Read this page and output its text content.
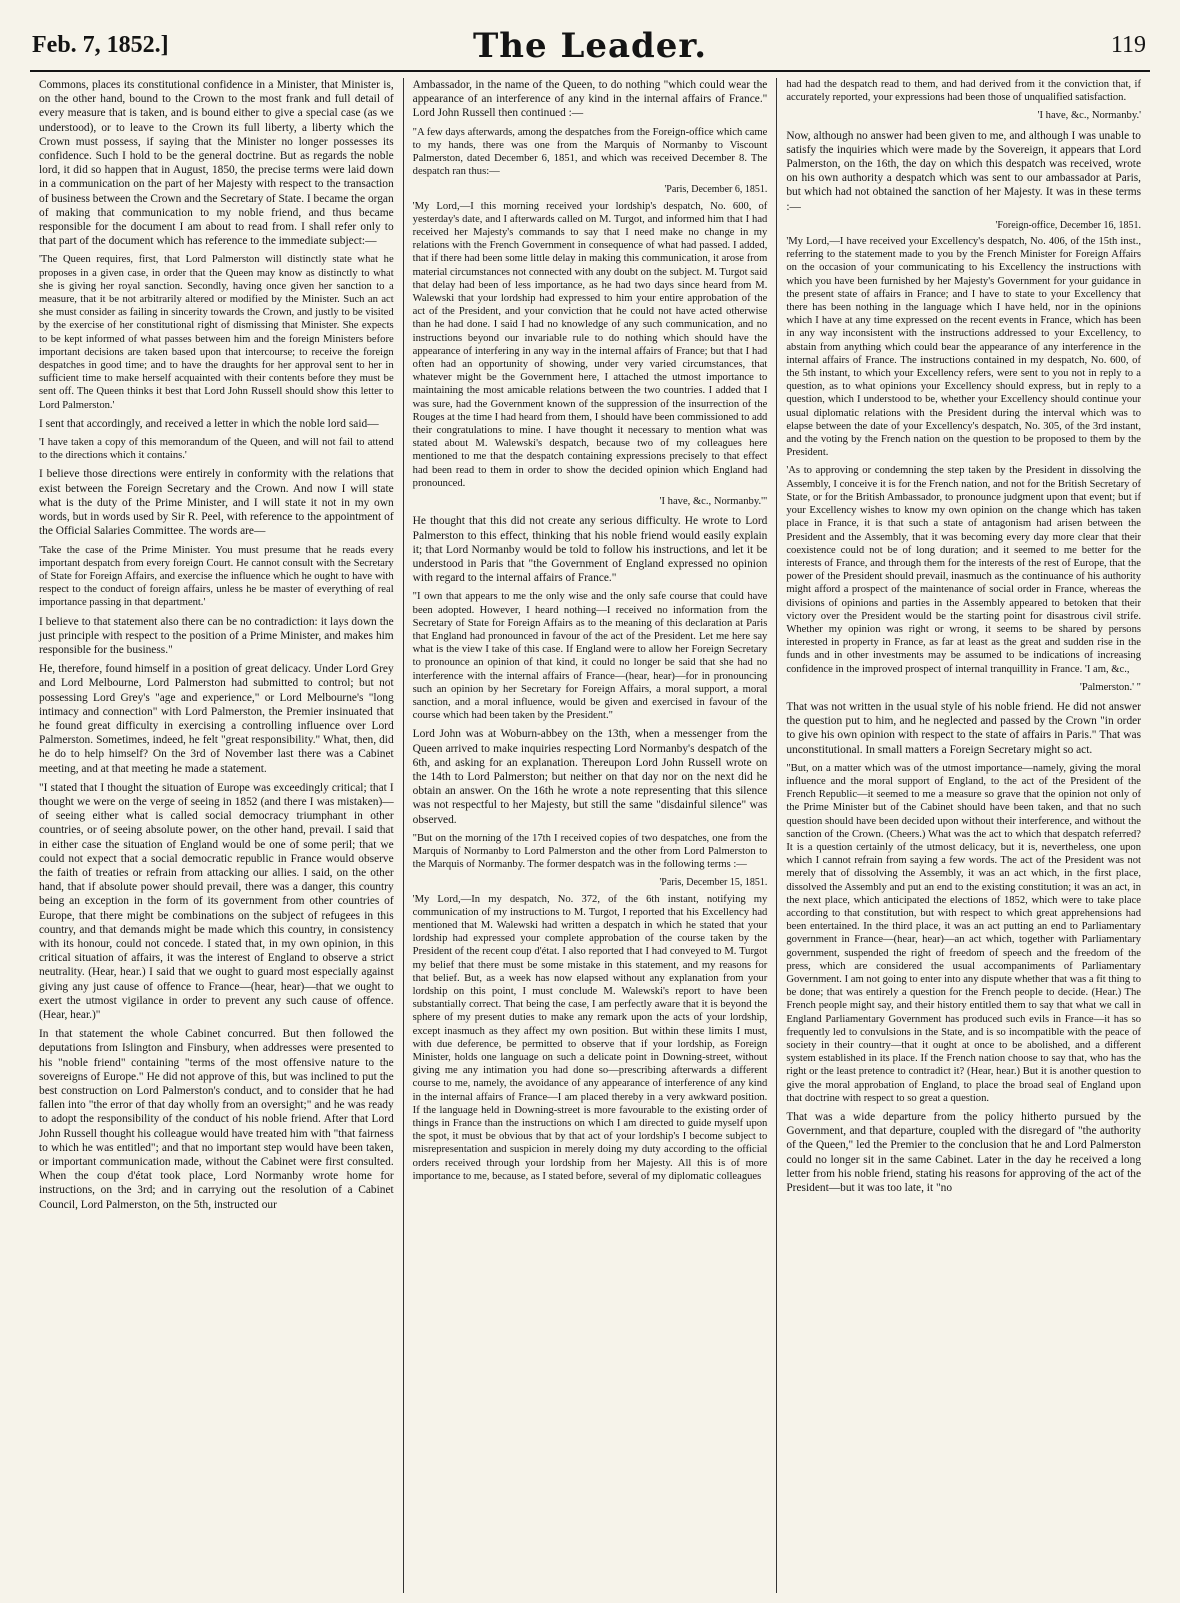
Feb. 7, 1852.]	The Leader.	119

Commons, places its constitutional confidence in a Minister, that Minister is, on the other hand, bound to the Crown to the most frank and full detail of every measure that is taken, and is bound either to give a special case (as we understood), or to leave to the Crown its full liberty, a liberty which the Crown must possess, if saying that the Minister no longer possesses its confidence. Such I hold to be the general doctrine. But as regards the noble lord, it did so happen that in August, 1850, the precise terms were laid down in a communication on the part of her Majesty with respect to the transaction of business between the Crown and the Secretary of State. I became the organ of making that communication to my noble friend, and thus became responsible for the document I am about to read from. I shall refer only to that part of the document which has reference to the immediate subject:—

'The Queen requires, first, that Lord Palmerston will distinctly state what he proposes in a given case, in order that the Queen may know as distinctly to what she is giving her royal sanction. Secondly, having once given her sanction to a measure, that it be not arbitrarily altered or modified by the Minister. Such an act she must consider as failing in sincerity towards the Crown, and justly to be visited by the exercise of her constitutional right of dismissing that Minister. She expects to be kept informed of what passes between him and the foreign Ministers before important decisions are taken based upon that intercourse; to receive the foreign despatches in good time; and to have the draughts for her approval sent to her in sufficient time to make herself acquainted with their contents before they must be sent off. The Queen thinks it best that Lord John Russell should show this letter to Lord Palmerston.'

I sent that accordingly, and received a letter in which the noble lord said—

'I have taken a copy of this memorandum of the Queen, and will not fail to attend to the directions which it contains.'

I believe those directions were entirely in conformity with the relations that exist between the Foreign Secretary and the Crown. And now I will state what is the duty of the Prime Minister, and I will state it not in my own words, but in words used by Sir R. Peel, with reference to the appointment of the Official Salaries Committee. The words are—

'Take the case of the Prime Minister. You must presume that he reads every important despatch from every foreign Court. He cannot consult with the Secretary of State for Foreign Affairs, and exercise the influence which he ought to have with respect to the conduct of foreign affairs, unless he be master of everything of real importance passing in that department.'

I believe to that statement also there can be no contradiction: it lays down the just principle with respect to the position of a Prime Minister, and makes him responsible for the business."

He, therefore, found himself in a position of great delicacy. Under Lord Grey and Lord Melbourne, Lord Palmerston had submitted to control; but not possessing Lord Grey's "age and experience," or Lord Melbourne's "long intimacy and connection" with Lord Palmerston, the Premier insinuated that he found great difficulty in exercising a controlling influence over Lord Palmerston. Sometimes, indeed, he felt "great responsibility." What, then, did he do to help himself? On the 3rd of November last there was a Cabinet meeting, and at that meeting he made a statement.

"I stated that I thought the situation of Europe was exceedingly critical; that I thought we were on the verge of seeing in 1852 (and there I was mistaken)—of seeing either what is called social democracy triumphant in other countries, or of seeing absolute power, on the other hand, prevail. I said that in either case the situation of England would be one of some peril; that we could not expect that a social democratic republic in France would observe the faith of treaties or refrain from attacking our allies. I said, on the other hand, that if absolute power should prevail, there was a danger, this country being an exception in the form of its government from other countries of Europe, that there might be combinations on the subject of refugees in this country, and that demands might be made which this country, in consistency with its honour, could not concede. I stated that, in my own opinion, in this critical situation of affairs, it was the interest of England to observe a strict neutrality. (Hear, hear.) I said that we ought to guard most especially against giving any just cause of offence to France—(hear, hear)—that we ought to exert the utmost vigilance in order to prevent any such cause of offence. (Hear, hear.)"

In that statement the whole Cabinet concurred. But then followed the deputations from Islington and Finsbury, when addresses were presented to his "noble friend" containing "terms of the most offensive nature to the sovereigns of Europe." He did not approve of this, but was inclined to put the best construction on Lord Palmerston's conduct, and to consider that he had fallen into "the error of that day wholly from an oversight;" and he was ready to adopt the responsibility of the conduct of his noble friend. After that Lord John Russell thought his colleague would have treated him with "that fairness to which he was entitled"; and that no important step would have been taken, or important communication made, without the Cabinet were first consulted. When the coup d'état took place, Lord Normanby wrote home for instructions, on the 3rd; and in carrying out the resolution of a Cabinet Council, Lord Palmerston, on the 5th, instructed our

Ambassador, in the name of the Queen, to do nothing "which could wear the appearance of an interference of any kind in the internal affairs of France." Lord John Russell then continued :—

"A few days afterwards, among the despatches from the Foreign-office which came to my hands, there was one from the Marquis of Normanby to Viscount Palmerston, dated December 6, 1851, and which was received December 8. The despatch ran thus:—

'Paris, December 6, 1851.

'My Lord,—I this morning received your lordship's despatch, No. 600, of yesterday's date, and I afterwards called on M. Turgot, and informed him that I had received her Majesty's commands to say that I need make no change in my relations with the French Government in consequence of what had passed. I added, that if there had been some little delay in making this communication, it arose from material circumstances not connected with any doubt on the subject. M. Turgot said that delay had been of less importance, as he had two days since heard from M. Walewski that your lordship had expressed to him your entire approbation of the act of the President, and your conviction that he could not have acted otherwise than he had done. I said I had no knowledge of any such communication, and no instructions beyond our invariable rule to do nothing which should have the appearance of interfering in any way in the internal affairs of France; but that I had often had an opportunity of showing, under very varied circumstances, that whatever might be the Government here, I attached the utmost importance to maintaining the most amicable relations between the two countries. I added that I was sure, had the Government known of the suppression of the insurrection of the Rouges at the time I had heard from them, I should have been commissioned to add their congratulations to mine. I have thought it necessary to mention what was stated about M. Walewski's despatch, because two of my colleagues here mentioned to me that the despatch containing expressions precisely to that effect had been read to them in order to show the decided opinion which England had pronounced.

'I have, &c., Normanby.'"

He thought that this did not create any serious difficulty. He wrote to Lord Palmerston to this effect, thinking that his noble friend would easily explain it; that Lord Normanby would be told to follow his instructions, and let it be understood in Paris that "the Government of England expressed no opinion with regard to the internal affairs of France."

"I own that appears to me the only wise and the only safe course that could have been adopted. However, I heard nothing—I received no information from the Secretary of State for Foreign Affairs as to the meaning of this declaration at Paris that England had pronounced in favour of the act of the President. Let me here say what is the view I take of this case. If England were to allow her Foreign Secretary to pronounce an opinion of that kind, it could no longer be said that she had no interference with the internal affairs of France—(hear, hear)—for in pronouncing such an opinion by her Secretary for Foreign Affairs, a moral support, a moral sanction, and a moral influence, would be given and exercised in favour of the course which had been taken by the President."

Lord John was at Woburn-abbey on the 13th, when a messenger from the Queen arrived to make inquiries respecting Lord Normanby's despatch of the 6th, and asking for an explanation. Thereupon Lord John Russell wrote on the 14th to Lord Palmerston; but neither on that day nor on the next did he obtain an answer. On the 16th he wrote a note representing that this silence was not respectful to her Majesty, but still the same "disdainful silence" was observed.

"But on the morning of the 17th I received copies of two despatches, one from the Marquis of Normanby to Lord Palmerston and the other from Lord Palmerston to the Marquis of Normanby. The former despatch was in the following terms :—

'Paris, December 15, 1851.

'My Lord,—In my despatch, No. 372, of the 6th instant, notifying my communication of my instructions to M. Turgot, I reported that his Excellency had mentioned that M. Walewski had written a despatch in which he stated that your lordship had expressed your complete approbation of the course taken by the President of the recent coup d'état. I also reported that I had conveyed to M. Turgot my belief that there must be some mistake in this statement, and my reasons for that belief. But, as a week has now elapsed without any explanation from your lordship on this point, I must conclude M. Walewski's report to have been substantially correct. That being the case, I am perfectly aware that it is beyond the sphere of my present duties to make any remark upon the acts of your lordship, except inasmuch as they affect my own position. But within these limits I must, with due deference, be permitted to observe that if your lordship, as Foreign Minister, holds one language on such a delicate point in Downing-street, without giving me any intimation you had done so—prescribing afterwards a different course to me, namely, the avoidance of any appearance of interference of any kind in the internal affairs of France—I am placed thereby in a very awkward position. If the language held in Downing-street is more favourable to the existing order of things in France than the instructions on which I am directed to guide myself upon the spot, it must be obvious that by that act of your lordship's I become subject to misrepresentation and suspicion in merely doing my duty according to the official orders received through your lordship from her Majesty. All this is of more importance to me, because, as I stated before, several of my diplomatic colleagues

had had the despatch read to them, and had derived from it the conviction that, if accurately reported, your expressions had been those of unqualified satisfaction.

'I have, &c., Normanby.'

Now, although no answer had been given to me, and although I was unable to satisfy the inquiries which were made by the Sovereign, it appears that Lord Palmerston, on the 16th, the day on which this despatch was received, wrote on his own authority a despatch which was sent to our ambassador at Paris, but which had not obtained the sanction of her Majesty. It was in these terms :—

'Foreign-office, December 16, 1851.

'My Lord,—I have received your Excellency's despatch, No. 406, of the 15th inst., referring to the statement made to you by the French Minister for Foreign Affairs on the occasion of your communicating to his Excellency the instructions with which you have been furnished by her Majesty's Government for your guidance in the present state of affairs in France; and I have to state to your Excellency that there has been nothing in the language which I have held, nor in the opinions which I have at any time expressed on the recent events in France, which has been in any way inconsistent with the instructions addressed to your Excellency, to abstain from anything which could bear the appearance of any interference in the internal affairs of France. The instructions contained in my despatch, No. 600, of the 5th instant, to which your Excellency refers, were sent to you not in reply to a question, as to what opinions your Excellency should express, but in reply to a question, which I understood to be, whether your Excellency should continue your usual diplomatic relations with the President during the interval which was to elapse between the date of your Excellency's despatch, No. 305, of the 3rd instant, and the voting by the French nation on the question to be proposed to them by the President.

'As to approving or condemning the step taken by the President in dissolving the Assembly, I conceive it is for the French nation, and not for the British Secretary of State, or for the British Ambassador, to pronounce judgment upon that event; but if your Excellency wishes to know my own opinion on the change which has taken place in France, it is that such a state of antagonism had arisen between the President and the Assembly, that it was becoming every day more clear that their coexistence could not be of long duration; and it seemed to me better for the interests of France, and through them for the interests of the rest of Europe, that the power of the President should prevail, inasmuch as the continuance of his authority might afford a prospect of the maintenance of social order in France, whereas the divisions of opinions and parties in the Assembly appeared to betoken that their victory over the President would be the starting point for disastrous civil strife. Whether my opinion was right or wrong, it seems to be shared by persons interested in property in France, as far at least as the great and sudden rise in the funds and in other investments may be assumed to be indications of increasing confidence in the improved prospect of internal tranquillity in France. 'I am, &c.,

'Palmerston.' "

That was not written in the usual style of his noble friend. He did not answer the question put to him, and he neglected and passed by the Crown "in order to give his own opinion with respect to the state of affairs in Paris." That was unconstitutional. In small matters a Foreign Secretary might so act.

"But, on a matter which was of the utmost importance—namely, giving the moral influence and the moral support of England, to the act of the President of the French Republic—it seemed to me a measure so grave that the opinion not only of the Prime Minister but of the Cabinet should have been taken, and that no such question should have been decided upon without their interference, and without the sanction of the Crown. (Cheers.) What was the act to which that despatch referred? It is a question certainly of the utmost delicacy, but it is, nevertheless, one upon which I cannot refrain from saying a few words. The act of the President was not merely that of dissolving the Assembly, it was an act which, in the first place, dissolved the Assembly and put an end to the existing constitution; it was an act, in the next place, which anticipated the elections of 1852, which were to take place according to that constitution, but with respect to which great apprehensions had been entertained. In the third place, it was an act putting an end to Parliamentary government in France—(hear, hear)—an act which, together with Parliamentary government, suspended the right of freedom of speech and the freedom of the press, which are considered the usual accompaniments of Parliamentary Government. I am not going to enter into any dispute whether that was a fit thing to be done; that was entirely a question for the French people to decide. (Hear.) The French people might say, and their history entitled them to say that what we call in England Parliamentary Government has produced such evils in France—it has so frequently led to convulsions in the State, and is so incompatible with the peace of society in their country—that it ought at once to be abolished, and a different system established in its place. If the French nation choose to say that, who has the right or the least pretence to contradict it? (Hear, hear.) But it is another question to give the moral approbation of England, to place the broad seal of England upon that doctrine with respect to so great a question.

That was a wide departure from the policy hitherto pursued by the Government, and that departure, coupled with the disregard of "the authority of the Queen," led the Premier to the conclusion that he and Lord Palmerston could no longer sit in the same Cabinet. Later in the day he received a long letter from his noble friend, stating his reasons for approving of the act of the President—but it was too late, it "no
